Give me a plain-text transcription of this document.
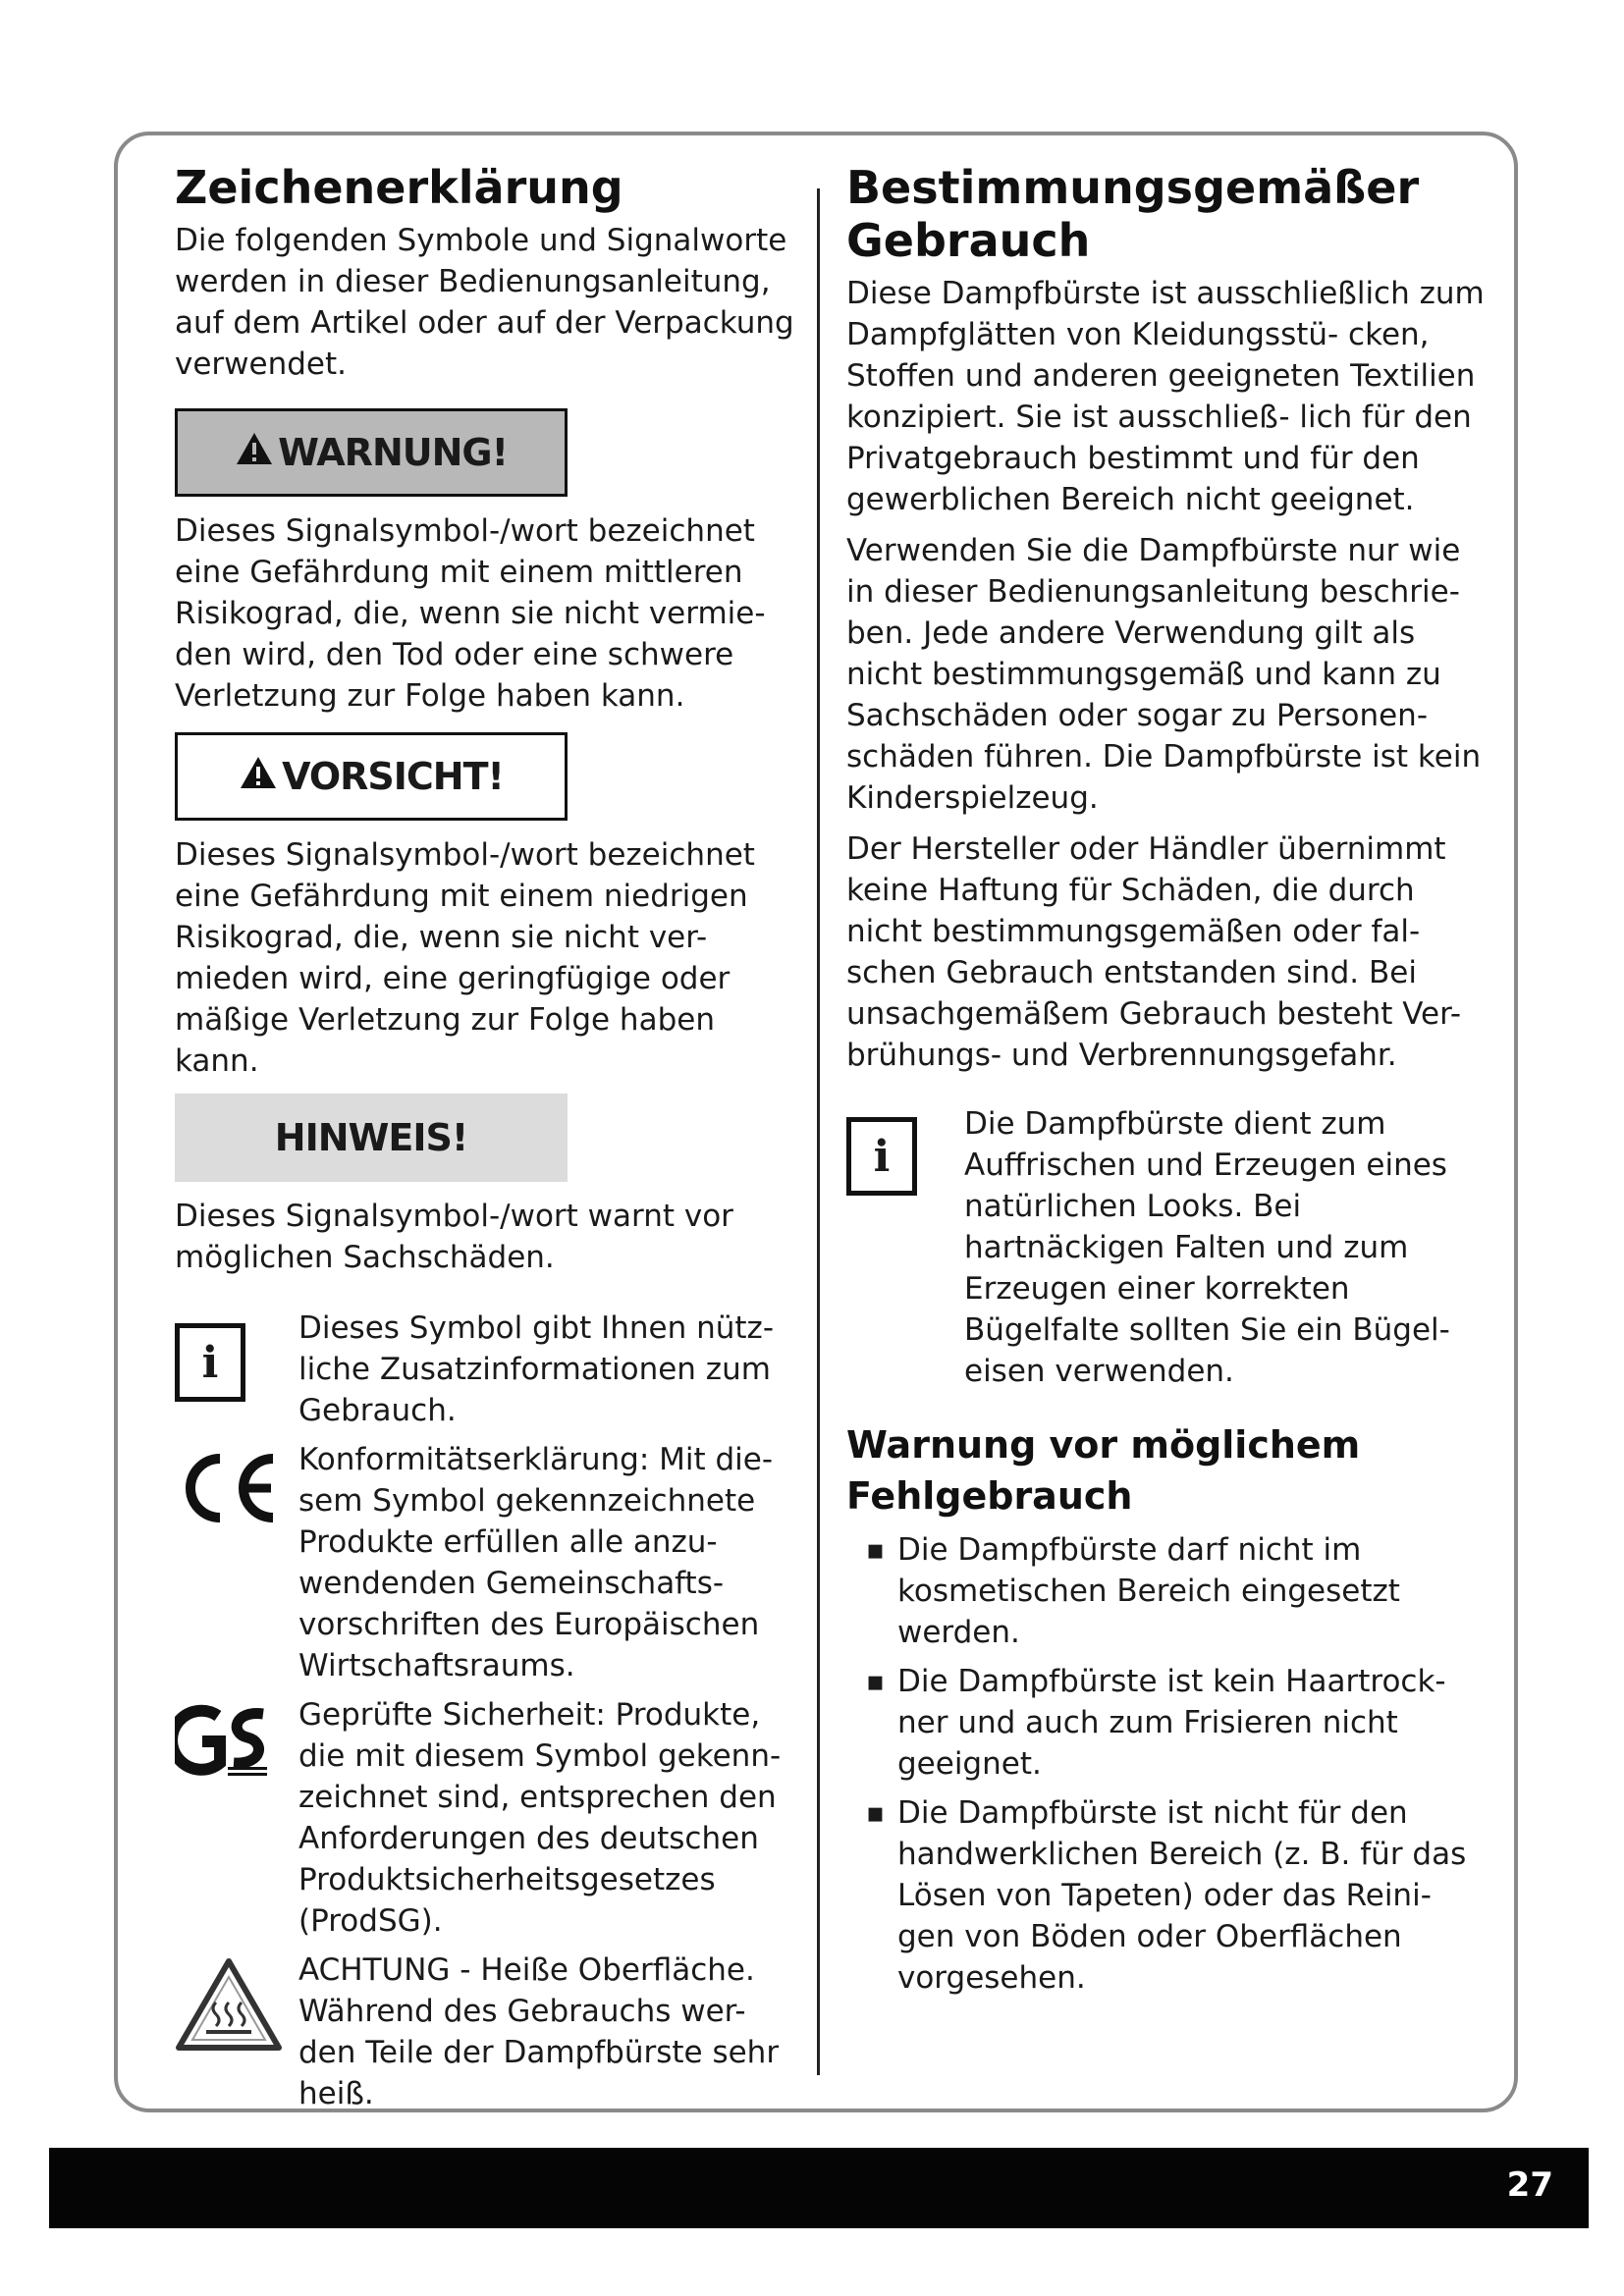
Zeichenerklärung

Die folgenden Symbole und Signalworte werden in dieser Bedienungsanleitung, auf dem Artikel oder auf der Verpackung verwendet.

WARNUNG!

Dieses Signalsymbol-/wort bezeichnet eine Gefährdung mit einem mittleren Risikograd, die, wenn sie nicht vermie- den wird, den Tod oder eine schwere Verletzung zur Folge haben kann.

VORSICHT!

Dieses Signalsymbol-/wort bezeichnet eine Gefährdung mit einem niedrigen Risikograd, die, wenn sie nicht ver- mieden wird, eine geringfügige oder mäßige Verletzung zur Folge haben kann.

HINWEIS!

Dieses Signalsymbol-/wort warnt vor möglichen Sachschäden.

i

Dieses Symbol gibt Ihnen nütz- liche Zusatzinformationen zum Gebrauch.

Konformitätserklärung: Mit die- sem Symbol gekennzeichnete Produkte erfüllen alle anzu- wendenden Gemeinschafts- vorschriften des Europäischen Wirtschaftsraums.

Geprüfte Sicherheit: Produkte, die mit diesem Symbol gekenn- zeichnet sind, entsprechen den Anforderungen des deutschen Produktsicherheitsgesetzes (ProdSG).

ACHTUNG - Heiße Oberfläche. Während des Gebrauchs wer- den Teile der Dampfbürste sehr heiß.

Bestimmungsgemäßer Gebrauch

Diese Dampfbürste ist ausschließlich zum Dampfglätten von Kleidungsstü- cken, Stoffen und anderen geeigneten Textilien konzipiert. Sie ist ausschließ- lich für den Privatgebrauch bestimmt und für den gewerblichen Bereich nicht geeignet.

Verwenden Sie die Dampfbürste nur wie in dieser Bedienungsanleitung beschrie- ben. Jede andere Verwendung gilt als nicht bestimmungsgemäß und kann zu Sachschäden oder sogar zu Personen- schäden führen. Die Dampfbürste ist kein Kinderspielzeug.

Der Hersteller oder Händler übernimmt keine Haftung für Schäden, die durch nicht bestimmungsgemäßen oder fal- schen Gebrauch entstanden sind. Bei unsachgemäßem Gebrauch besteht Ver- brühungs- und Verbrennungsgefahr.

i

Die Dampfbürste dient zum Auffrischen und Erzeugen eines natürlichen Looks. Bei hartnäckigen Falten und zum Erzeugen einer korrekten Bügelfalte sollten Sie ein Bügel- eisen verwenden.

Warnung vor möglichem Fehlgebrauch
▪ Die Dampfbürste darf nicht im kosmetischen Bereich eingesetzt werden.
▪ Die Dampfbürste ist kein Haartrock- ner und auch zum Frisieren nicht geeignet.
▪ Die Dampfbürste ist nicht für den handwerklichen Bereich (z. B. für das Lösen von Tapeten) oder das Reini- gen von Böden oder Oberflächen vorgesehen.
27
